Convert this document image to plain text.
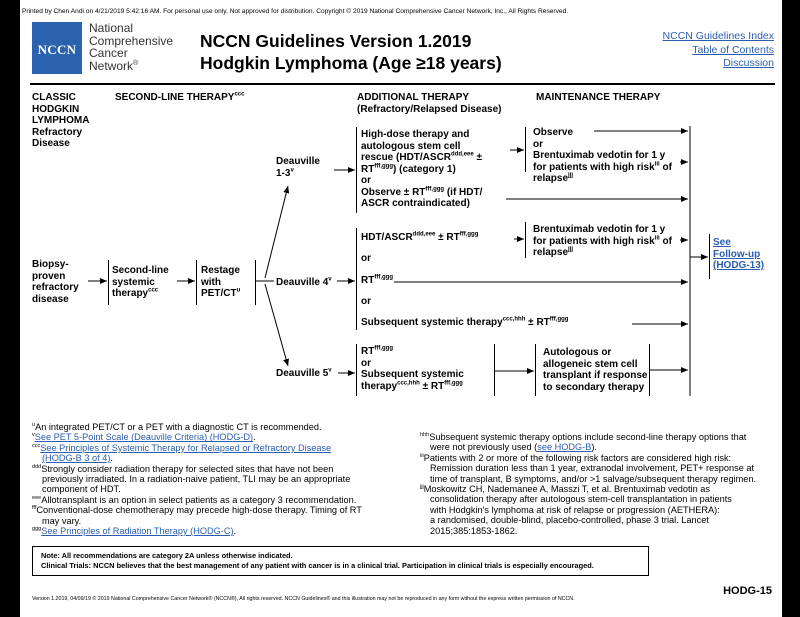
Printed by Chen Andi on 4/21/2019 5:42:16 AM. For personal use only. Not approved for distribution. Copyright © 2019 National Comprehensive Cancer Network, Inc., All Rights Reserved.
NCCN
National
Comprehensive
Cancer
Network®
NCCN Guidelines Version 1.2019
Hodgkin Lymphoma (Age ≥18 years)
NCCN Guidelines Index
Table of Contents
Discussion
CLASSIC
HODGKIN
LYMPHOMA
Refractory
Disease
SECOND-LINE $THERAPY^{ccc}$	ADDITIONAL THERAPY
(Refractory/Relapsed Disease)
MAINTENANCE THERAPY
Biopsy-
proven
refractory
disease
Second-line
systemic
therapy$^{ccc}$
Restage
with
PET/$CT^u$
Deauville
1-3$^v$
Deauville 4$^v$
Deauville 5$^v$
High-dose therapy and
autologous stem cell
rescue ($HDT/ASCR^{ddd,eee}$ ±
$RT^{fff,ggg}$) (category 1)
or
Observe ± $RT^{fff,ggg}$ (if HDT/
ASCR contraindicated)
Observe
or
Brentuximab vedotin for 1 y
for patients with high risk$^{iii}$ of
relapse$^{jjj}$
HDT/$ASCR^{ddd,eee} \pm RT^{fff,ggg}$
or
$RT^{fff,ggg}$
or
Subsequent systemic therapy$^{ccc,hhh}$ ± $RT^{fff,ggg}$
Brentuximab vedotin for 1 y
for patients with high risk$^{iii}$ of
relapse$^{jjj}$
$RT^{fff,ggg}$
or
Subsequent systemic
therapy$^{ccc,hhh}$ ± $RT^{fff,ggg}$
Autologous or
allogeneic stem cell
transplant if response
to secondary therapy
See
Follow-up
(HODG-13)
$^u$An integrated PET/CT or a PET with a diagnostic CT is recommended.
$^v$See PET 5-Point Scale (Deauville Criteria) (HODG-D).
$^{ccc}$See Principles of Systemic Therapy for Relapsed or Refractory Disease
(HODG-B 3 of 4).
$^{ddd}$Strongly consider radiation therapy for selected sites that have not been
previously irradiated. In a radiation-naive patient, TLI may be an appropriate
component of HDT.
$^{eee}$Allotransplant is an option in select patients as a category 3 recommendation.
$^{fff}$Conventional-dose chemotherapy may precede high-dose therapy. Timing of RT
may vary.
$^{ggg}$See Principles of Radiation Therapy (HODG-C).
$^{hhh}$Subsequent systemic therapy options include second-line therapy options that
were not previously used (see HODG-B).
$^{iii}$Patients with 2 or more of the following risk factors are considered high risk:
Remission duration less than 1 year, extranodal involvement, PET+ response at
time of transplant, B symptoms, and/or >1 salvage/subsequent therapy regimen.
$^{jjj}$Moskowitz CH, Nademanee A, Masszi T, et al. Brentuximab vedotin as
consolidation therapy after autologous stem-cell transplantation in patients
with Hodgkin's lymphoma at risk of relapse or progression (AETHERA):
a randomised, double-blind, placebo-controlled, phase 3 trial. Lancet
2015;385:1853-1862.
Note: All recommendations are category 2A unless otherwise indicated.
Clinical Trials: NCCN believes that the best management of any patient with cancer is in a clinical trial. Participation in clinical trials is especially encouraged.
HODG-15
Version 1.2019, 04/09/19 © 2019 National Comprehensive Cancer Network® (NCCN®), All rights reserved. NCCN Guidelines® and this illustration may not be reproduced in any form without the express written permission of NCCN.
